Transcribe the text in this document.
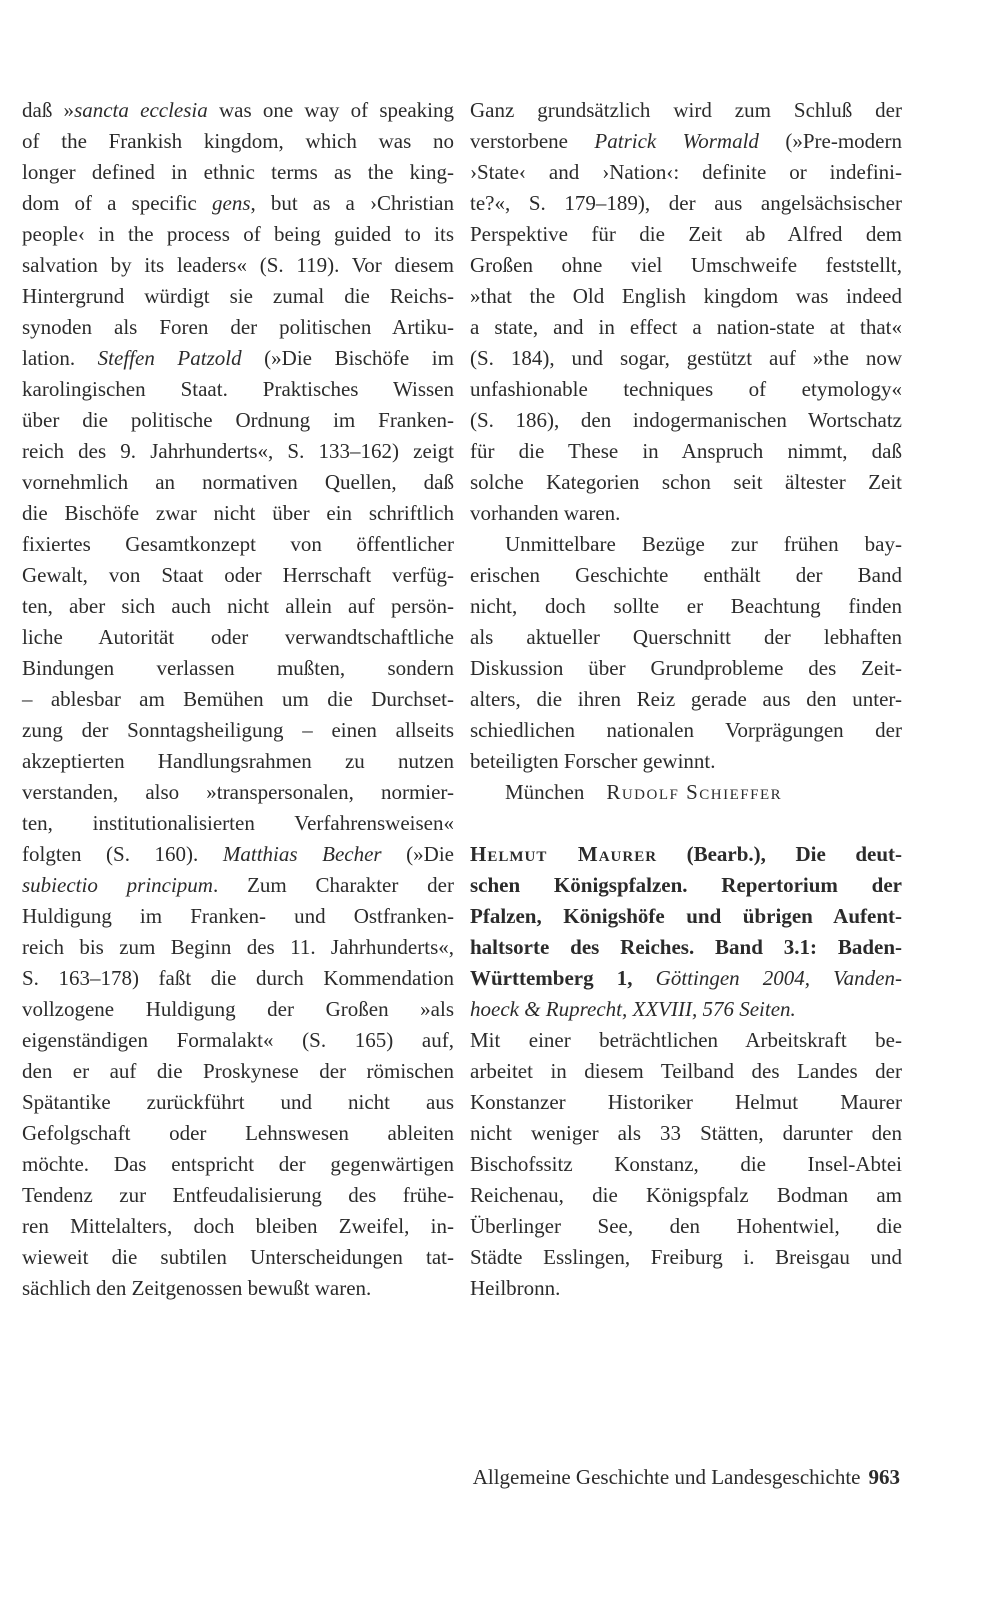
daß »sancta ecclesia was one way of speaking
of the Frankish kingdom, which was no
longer defined in ethnic terms as the king-
dom of a specific gens, but as a ›Christian
people‹ in the process of being guided to its
salvation by its leaders« (S. 119). Vor diesem
Hintergrund würdigt sie zumal die Reichs-
synoden als Foren der politischen Artiku-
lation. Steffen Patzold (»Die Bischöfe im
karolingischen Staat. Praktisches Wissen
über die politische Ordnung im Franken-
reich des 9. Jahrhunderts«, S. 133–162) zeigt
vornehmlich an normativen Quellen, daß
die Bischöfe zwar nicht über ein schriftlich
fixiertes Gesamtkonzept von öffentlicher
Gewalt, von Staat oder Herrschaft verfüg-
ten, aber sich auch nicht allein auf persön-
liche Autorität oder verwandtschaftliche
Bindungen verlassen mußten, sondern
– ablesbar am Bemühen um die Durchset-
zung der Sonntagsheiligung – einen allseits
akzeptierten Handlungsrahmen zu nutzen
verstanden, also »transpersonalen, normier-
ten, institutionalisierten Verfahrensweisen«
folgten (S. 160). Matthias Becher (»Die
subiectio principum. Zum Charakter der
Huldigung im Franken- und Ostfranken-
reich bis zum Beginn des 11. Jahrhunderts«,
S. 163–178) faßt die durch Kommendation
vollzogene Huldigung der Großen »als
eigenständigen Formalakt« (S. 165) auf,
den er auf die Proskynese der römischen
Spätantike zurückführt und nicht aus
Gefolgschaft oder Lehnswesen ableiten
möchte. Das entspricht der gegenwärtigen
Tendenz zur Entfeudalisierung des frühe-
ren Mittelalters, doch bleiben Zweifel, in-
wieweit die subtilen Unterscheidungen tat-
sächlich den Zeitgenossen bewußt waren.
Ganz grundsätzlich wird zum Schluß der
verstorbene Patrick Wormald (»Pre-modern
›State‹ and ›Nation‹: definite or indefini-
te?«, S. 179–189), der aus angelsächsischer
Perspektive für die Zeit ab Alfred dem
Großen ohne viel Umschweife feststellt,
»that the Old English kingdom was indeed
a state, and in effect a nation-state at that«
(S. 184), und sogar, gestützt auf »the now
unfashionable techniques of etymology«
(S. 186), den indogermanischen Wortschatz
für die These in Anspruch nimmt, daß
solche Kategorien schon seit ältester Zeit
vorhanden waren.
Unmittelbare Bezüge zur frühen bay-
erischen Geschichte enthält der Band
nicht, doch sollte er Beachtung finden
als aktueller Querschnitt der lebhaften
Diskussion über Grundprobleme des Zeit-
alters, die ihren Reiz gerade aus den unter-
schiedlichen nationalen Vorprägungen der
beteiligten Forscher gewinnt.
München Rudolf Schieffer
Helmut Maurer (Bearb.), Die deut-
schen Königspfalzen. Repertorium der
Pfalzen, Königshöfe und übrigen Aufent-
haltsorte des Reiches. Band 3.1: Baden-
Württemberg 1, Göttingen 2004, Vanden-
hoeck & Ruprecht, XXVIII, 576 Seiten.
Mit einer beträchtlichen Arbeitskraft be-
arbeitet in diesem Teilband des Landes der
Konstanzer Historiker Helmut Maurer
nicht weniger als 33 Stätten, darunter den
Bischofssitz Konstanz, die Insel-Abtei
Reichenau, die Königspfalz Bodman am
Überlinger See, den Hohentwiel, die
Städte Esslingen, Freiburg i. Breisgau und
Heilbronn.
Allgemeine Geschichte und Landesgeschichte 963
